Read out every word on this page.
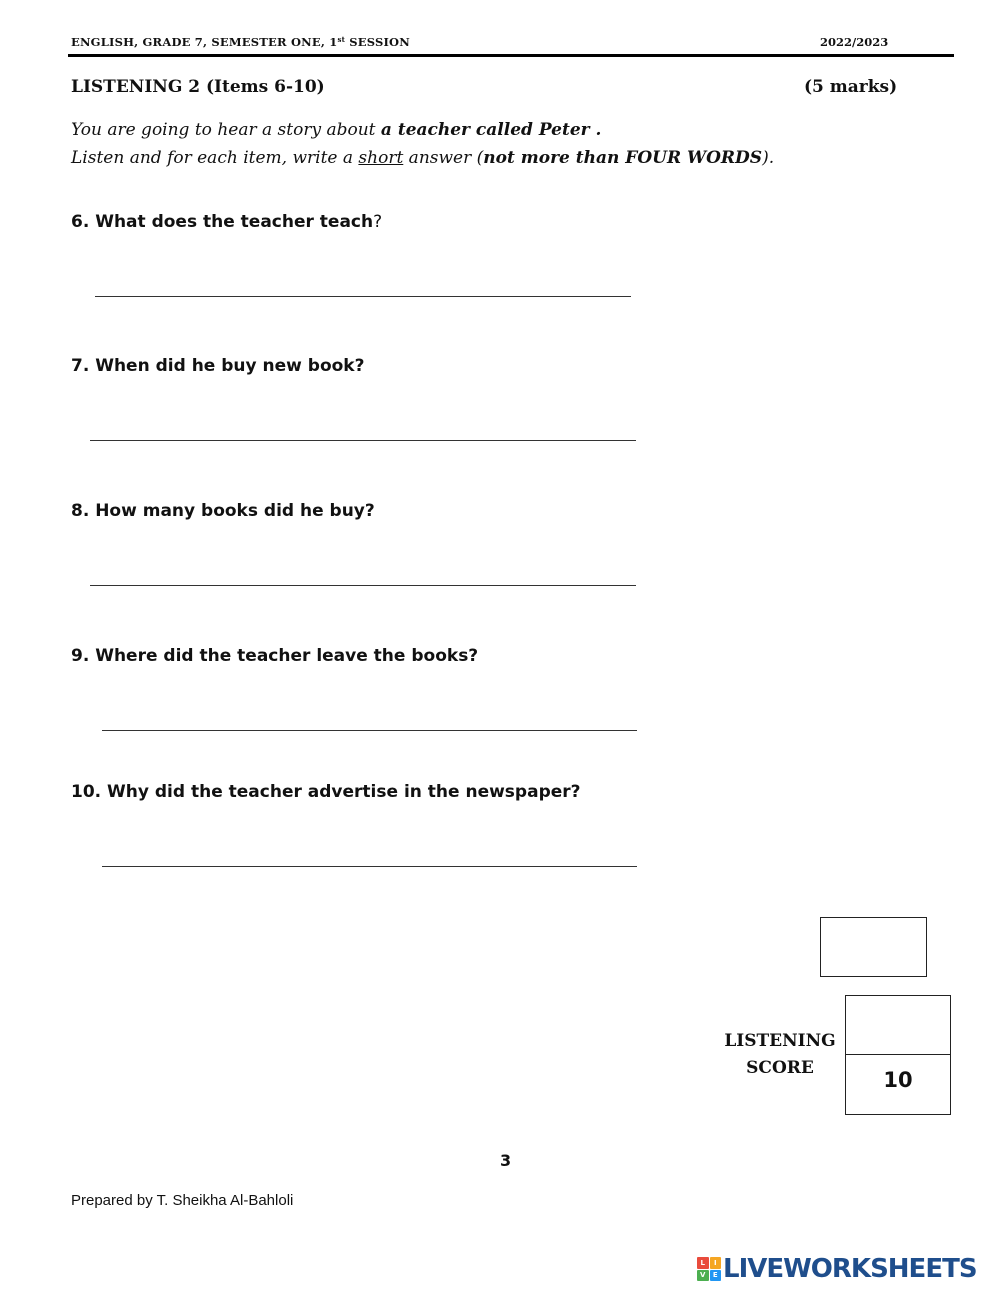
ENGLISH, GRADE 7, SEMESTER ONE, 1st SESSION	2022/2023
LISTENING 2 (Items 6-10)	(5 marks)
You are going to hear a story about a teacher called Peter .
Listen and for each item, write a short answer (not more than FOUR WORDS).
6. What does the teacher teach?
7. When did he buy new book?
8. How many books did he buy?
9. Where did the teacher leave the books?
10. Why did the teacher advertise in the newspaper?
LISTENING
SCORE	10
3
Prepared by T. Sheikha Al-Bahloli
L	I
V	E LIVEWORKSHEETS
